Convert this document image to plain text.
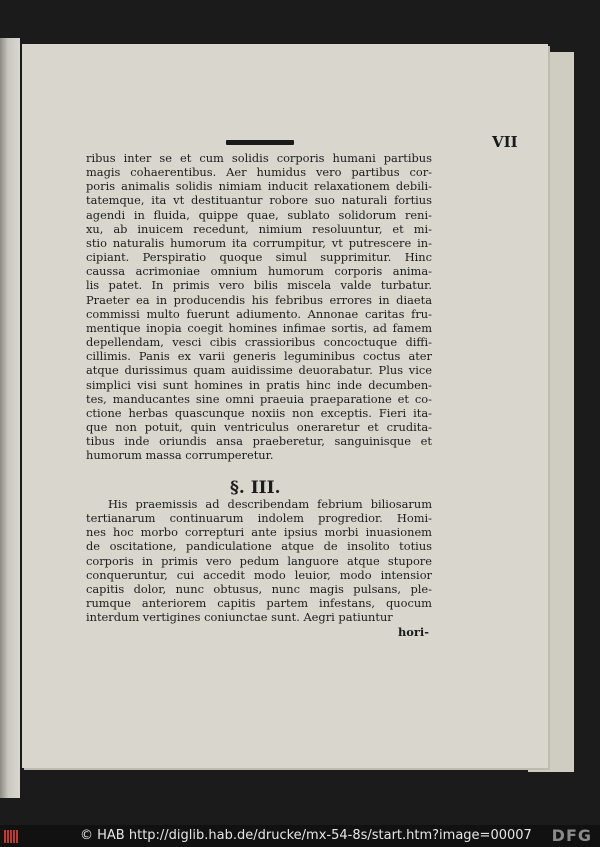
VII
ribus inter se et cum solidis corporis humani partibus
magis cohaerentibus. Aer humidus vero partibus cor-
poris animalis solidis nimiam inducit relaxationem debili-
tatemque, ita vt destituantur robore suo naturali fortius
agendi in fluida, quippe quae, sublato solidorum reni-
xu, ab inuicem recedunt, nimium resoluuntur, et mi-
stio naturalis humorum ita corrumpitur, vt putrescere in-
cipiant. Perspiratio quoque simul supprimitur. Hinc
caussa acrimoniae omnium humorum corporis anima-
lis patet. In primis vero bilis miscela valde turbatur.
Praeter ea in producendis his febribus errores in diaeta
commissi multo fuerunt adiumento. Annonae caritas fru-
mentique inopia coegit homines infimae sortis, ad famem
depellendam, vesci cibis crassioribus concoctuque diffi-
cillimis. Panis ex varii generis leguminibus coctus ater
atque durissimus quam auidissime deuorabatur. Plus vice
simplici visi sunt homines in pratis hinc inde decumben-
tes, manducantes sine omni praeuia praeparatione et co-
ctione herbas quascunque noxiis non exceptis. Fieri ita-
que non potuit, quin ventriculus oneraretur et crudita-
tibus inde oriundis ansa praeberetur, sanguinisque et
humorum massa corrumperetur.
§. III.
His praemissis ad describendam febrium biliosarum
tertianarum continuarum indolem progredior. Homi-
nes hoc morbo correpturi ante ipsius morbi inuasionem
de oscitatione, pandiculatione atque de insolito totius
corporis in primis vero pedum languore atque stupore
conqueruntur, cui accedit modo leuior, modo intensior
capitis dolor, nunc obtusus, nunc magis pulsans, ple-
rumque anteriorem capitis partem infestans, quocum
interdum vertigines coniunctae sunt. Aegri patiuntur
hori-
© HAB http://diglib.hab.de/drucke/mx-54-8s/start.htm?image=00007 DFG
